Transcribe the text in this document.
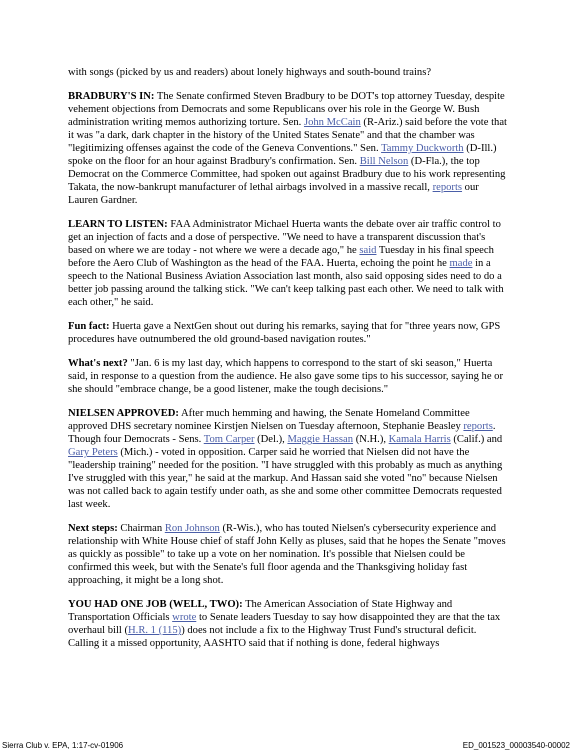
with songs (picked by us and readers) about lonely highways and south-bound trains?

BRADBURY'S IN: The Senate confirmed Steven Bradbury to be DOT's top attorney Tuesday, despite vehement objections from Democrats and some Republicans over his role in the George W. Bush administration writing memos authorizing torture. Sen. John McCain (R-Ariz.) said before the vote that it was "a dark, dark chapter in the history of the United States Senate" and that the chamber was "legitimizing offenses against the code of the Geneva Conventions." Sen. Tammy Duckworth (D-Ill.) spoke on the floor for an hour against Bradbury's confirmation. Sen. Bill Nelson (D-Fla.), the top Democrat on the Commerce Committee, had spoken out against Bradbury due to his work representing Takata, the now-bankrupt manufacturer of lethal airbags involved in a massive recall, reports our Lauren Gardner.

LEARN TO LISTEN: FAA Administrator Michael Huerta wants the debate over air traffic control to get an injection of facts and a dose of perspective. "We need to have a transparent discussion that's based on where we are today - not where we were a decade ago," he said Tuesday in his final speech before the Aero Club of Washington as the head of the FAA. Huerta, echoing the point he made in a speech to the National Business Aviation Association last month, also said opposing sides need to do a better job passing around the talking stick. "We can't keep talking past each other. We need to talk with each other," he said.

Fun fact: Huerta gave a NextGen shout out during his remarks, saying that for "three years now, GPS procedures have outnumbered the old ground-based navigation routes."

What's next? "Jan. 6 is my last day, which happens to correspond to the start of ski season," Huerta said, in response to a question from the audience. He also gave some tips to his successor, saying he or she should "embrace change, be a good listener, make the tough decisions."

NIELSEN APPROVED: After much hemming and hawing, the Senate Homeland Committee approved DHS secretary nominee Kirstjen Nielsen on Tuesday afternoon, Stephanie Beasley reports. Though four Democrats - Sens. Tom Carper (Del.), Maggie Hassan (N.H.), Kamala Harris (Calif.) and Gary Peters (Mich.) - voted in opposition. Carper said he worried that Nielsen did not have the "leadership training" needed for the position. "I have struggled with this probably as much as anything I've struggled with this year," he said at the markup. And Hassan said she voted "no" because Nielsen was not called back to again testify under oath, as she and some other committee Democrats requested last week.

Next steps: Chairman Ron Johnson (R-Wis.), who has touted Nielsen's cybersecurity experience and relationship with White House chief of staff John Kelly as pluses, said that he hopes the Senate "moves as quickly as possible" to take up a vote on her nomination. It's possible that Nielsen could be confirmed this week, but with the Senate's full floor agenda and the Thanksgiving holiday fast approaching, it might be a long shot.

YOU HAD ONE JOB (WELL, TWO): The American Association of State Highway and Transportation Officials wrote to Senate leaders Tuesday to say how disappointed they are that the tax overhaul bill (H.R. 1 (115)) does not include a fix to the Highway Trust Fund's structural deficit. Calling it a missed opportunity, AASHTO said that if nothing is done, federal highways

Sierra Club v. EPA, 1:17-cv-01906	ED_001523_00003540-00002
